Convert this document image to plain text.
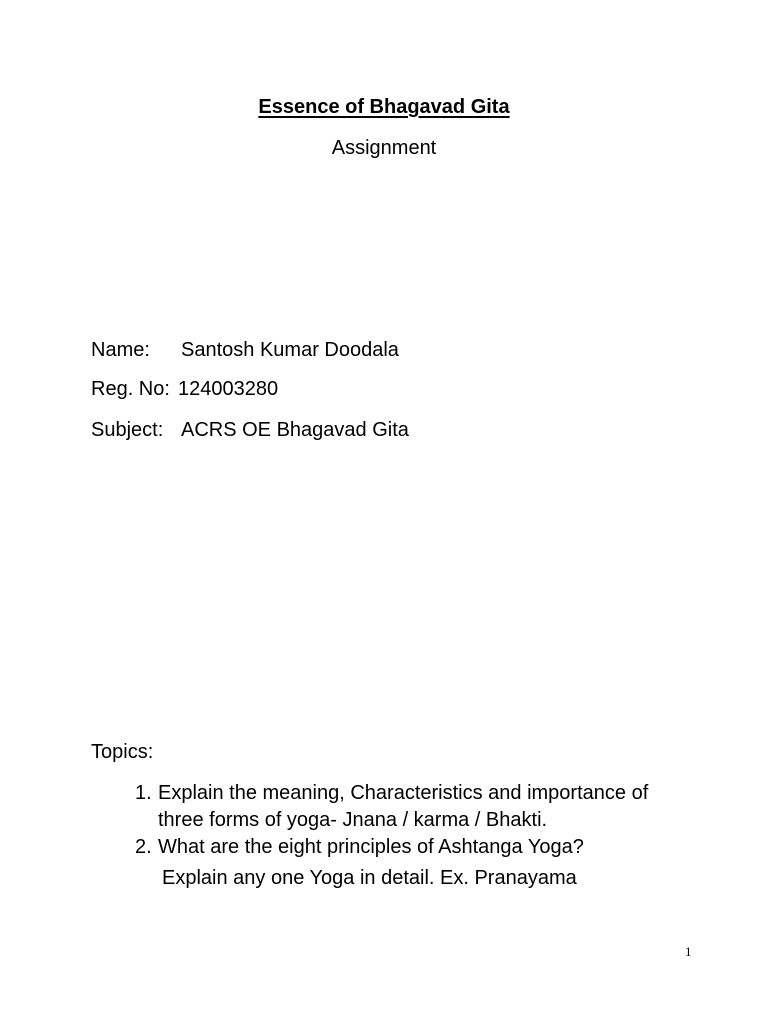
Essence of Bhagavad Gita
Assignment
Name: Santosh Kumar Doodala
Reg. No: 124003280
Subject: ACRS OE Bhagavad Gita
Topics:
1. Explain the meaning, Characteristics and importance of
three forms of yoga- Jnana / karma / Bhakti.
2. What are the eight principles of Ashtanga Yoga?
Explain any one Yoga in detail. Ex. Pranayama
1
